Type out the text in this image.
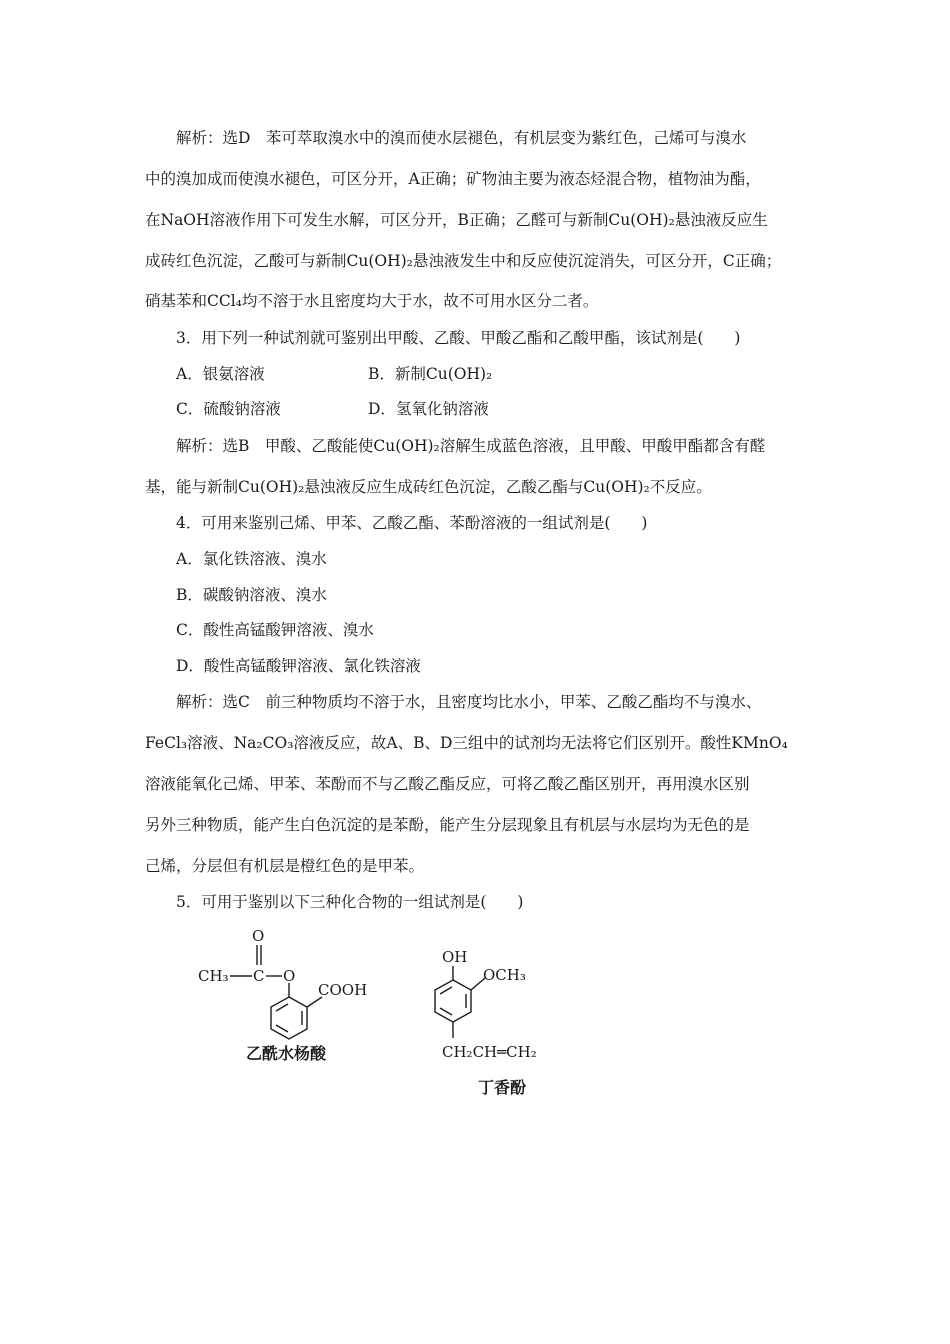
解析：选D　苯可萃取溴水中的溴而使水层褪色，有机层变为紫红色，己烯可与溴水
中的溴加成而使溴水褪色，可区分开，A正确；矿物油主要为液态烃混合物，植物油为酯，
在NaOH溶液作用下可发生水解，可区分开，B正确；乙醛可与新制Cu(OH)₂悬浊液反应生
成砖红色沉淀，乙酸可与新制Cu(OH)₂悬浊液发生中和反应使沉淀消失，可区分开，C正确；
硝基苯和CCl₄均不溶于水且密度均大于水，故不可用水区分二者。
3．用下列一种试剂就可鉴别出甲酸、乙酸、甲酸乙酯和乙酸甲酯，该试剂是(　　)
A．银氨溶液	B．新制Cu(OH)₂
C．硫酸钠溶液	D．氢氧化钠溶液
解析：选B　甲酸、乙酸能使Cu(OH)₂溶解生成蓝色溶液，且甲酸、甲酸甲酯都含有醛
基，能与新制Cu(OH)₂悬浊液反应生成砖红色沉淀，乙酸乙酯与Cu(OH)₂不反应。
4．可用来鉴别己烯、甲苯、乙酸乙酯、苯酚溶液的一组试剂是(　　)
A．氯化铁溶液、溴水
B．碳酸钠溶液、溴水
C．酸性高锰酸钾溶液、溴水
D．酸性高锰酸钾溶液、氯化铁溶液
解析：选C　前三种物质均不溶于水，且密度均比水小，甲苯、乙酸乙酯均不与溴水、
FeCl₃溶液、Na₂CO₃溶液反应，故A、B、D三组中的试剂均无法将它们区别开。酸性KMnO₄
溶液能氧化己烯、甲苯、苯酚而不与乙酸乙酯反应，可将乙酸乙酯区别开，再用溴水区别
另外三种物质，能产生白色沉淀的是苯酚，能产生分层现象且有机层与水层均为无色的是
己烯，分层但有机层是橙红色的是甲苯。
5．可用于鉴别以下三种化合物的一组试剂是(　　)
O
CH₃ C O
COOH
乙酰水杨酸
OH
OCH₃
CH₂CH═CH₂
丁香酚
